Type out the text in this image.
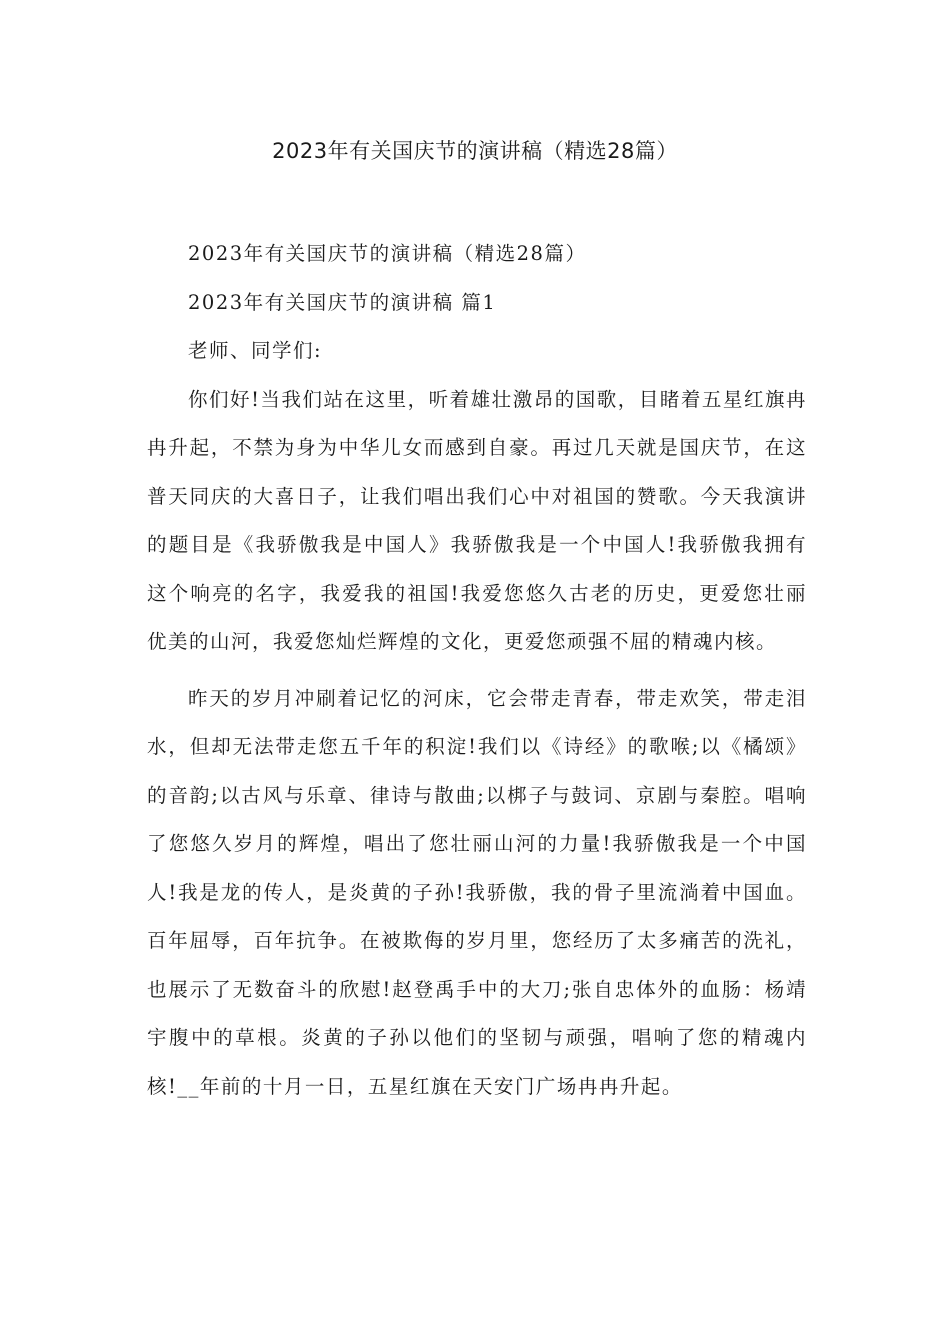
2023年有关国庆节的演讲稿（精选28篇）

2023年有关国庆节的演讲稿（精选28篇）

2023年有关国庆节的演讲稿 篇1

老师、同学们:

你们好!当我们站在这里，听着雄壮激昂的国歌，目睹着五星红旗冉冉升起，不禁为身为中华儿女而感到自豪。再过几天就是国庆节，在这普天同庆的大喜日子，让我们唱出我们心中对祖国的赞歌。今天我演讲的题目是《我骄傲我是中国人》我骄傲我是一个中国人!我骄傲我拥有这个响亮的名字，我爱我的祖国!我爱您悠久古老的历史，更爱您壮丽优美的山河，我爱您灿烂辉煌的文化，更爱您顽强不屈的精魂内核。

昨天的岁月冲刷着记忆的河床，它会带走青春，带走欢笑，带走泪水，但却无法带走您五千年的积淀!我们以《诗经》的歌喉;以《橘颂》的音韵;以古风与乐章、律诗与散曲;以梆子与鼓词、京剧与秦腔。唱响了您悠久岁月的辉煌，唱出了您壮丽山河的力量!我骄傲我是一个中国人!我是龙的传人，是炎黄的子孙!我骄傲，我的骨子里流淌着中国血。百年屈辱，百年抗争。在被欺侮的岁月里，您经历了太多痛苦的洗礼，也展示了无数奋斗的欣慰!赵登禹手中的大刀;张自忠体外的血肠：杨靖宇腹中的草根。炎黄的子孙以他们的坚韧与顽强，唱响了您的精魂内核!__年前的十月一日，五星红旗在天安门广场冉冉升起。
